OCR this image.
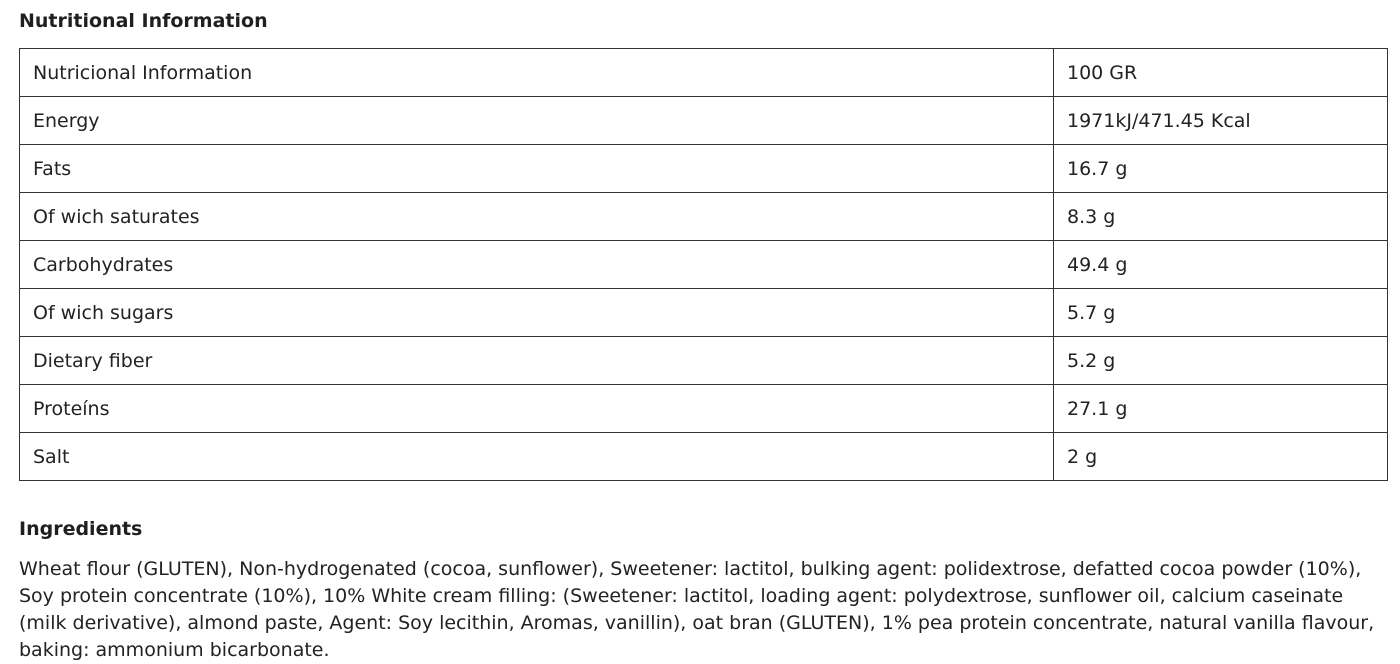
Nutritional Information
Nutricional Information	100 GR
Energy	1971kJ/471.45 Kcal
Fats	16.7 g
Of wich saturates	8.3 g
Carbohydrates	49.4 g
Of wich sugars	5.7 g
Dietary fiber	5.2 g
Proteíns	27.1 g
Salt	2 g
Ingredients

Wheat flour (GLUTEN), Non-hydrogenated (cocoa, sunflower), Sweetener: lactitol, bulking agent: polidextrose, defatted cocoa powder (10%), Soy protein concentrate (10%), 10% White cream filling: (Sweetener: lactitol, loading agent: polydextrose, sunflower oil, calcium caseinate (milk derivative), almond paste, Agent: Soy lecithin, Aromas, vanillin), oat bran (GLUTEN), 1% pea protein concentrate, natural vanilla flavour, baking: ammonium bicarbonate.
